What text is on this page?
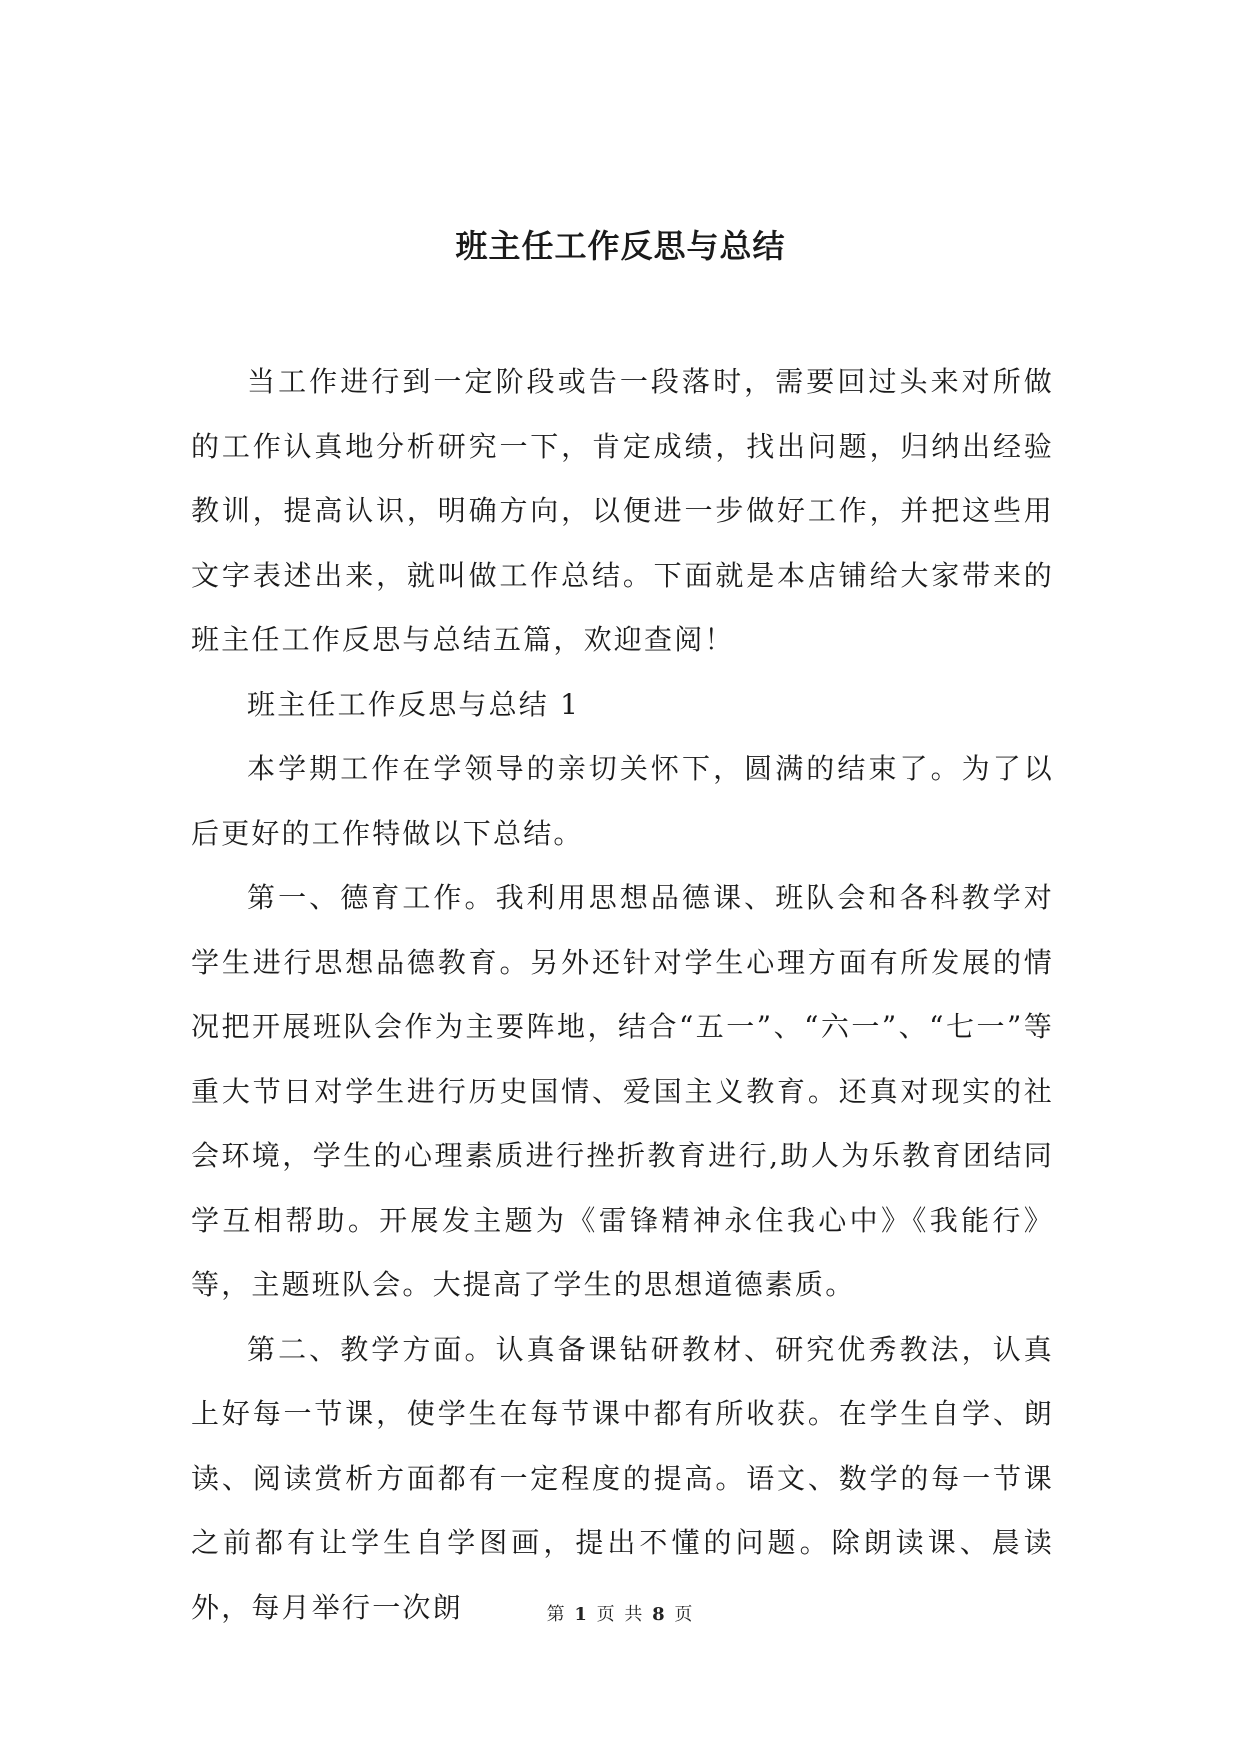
班主任工作反思与总结

当工作进行到一定阶段或告一段落时，需要回过头来对所做的工作认真地分析研究一下，肯定成绩，找出问题，归纳出经验教训，提高认识，明确方向，以便进一步做好工作，并把这些用文字表述出来，就叫做工作总结。下面就是本店铺给大家带来的班主任工作反思与总结五篇，欢迎查阅！

班主任工作反思与总结 1

本学期工作在学领导的亲切关怀下，圆满的结束了。为了以后更好的工作特做以下总结。

第一、德育工作。我利用思想品德课、班队会和各科教学对学生进行思想品德教育。另外还针对学生心理方面有所发展的情况把开展班队会作为主要阵地，结合“五一”、“六一”、“七一”等重大节日对学生进行历史国情、爱国主义教育。还真对现实的社会环境，学生的心理素质进行挫折教育进行,助人为乐教育团结同学互相帮助。开展发主题为《雷锋精神永住我心中》《我能行》等，主题班队会。大提高了学生的思想道德素质。

第二、教学方面。认真备课钻研教材、研究优秀教法，认真上好每一节课，使学生在每节课中都有所收获。在学生自学、朗读、阅读赏析方面都有一定程度的提高。语文、数学的每一节课之前都有让学生自学图画，提出不懂的问题。除朗读课、晨读外，每月举行一次朗	第 1 页 共 8 页
